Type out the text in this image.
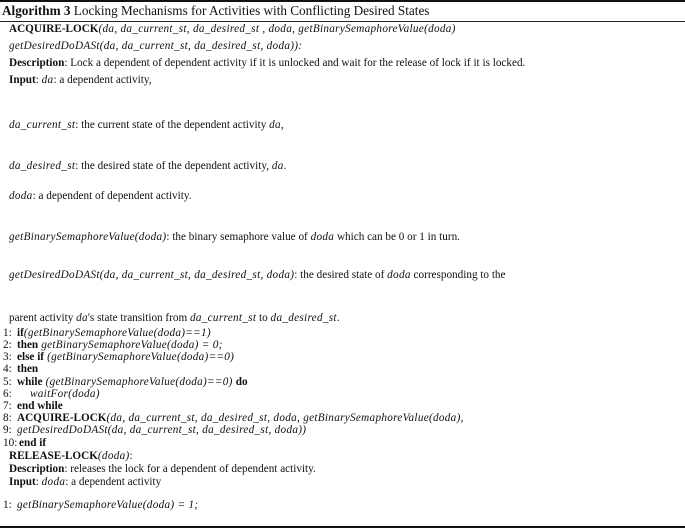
Algorithm 3 Locking Mechanisms for Activities with Conflicting Desired States
ACQUIRE-LOCK(da, da_current_st, da_desired_st , doda, getBinarySemaphoreValue(doda)
getDesiredDoDASt(da, da_current_st, da_desired_st, doda)):
Description: Lock a dependent of dependent activity if it is unlocked and wait for the release of lock if it is locked.
Input: da: a dependent activity,
da_current_st: the current state of the dependent activity da,
da_desired_st: the desired state of the dependent activity, da.
doda: a dependent of dependent activity.
getBinarySemaphoreValue(doda): the binary semaphore value of doda which can be 0 or 1 in turn.
getDesiredDoDASt(da, da_current_st, da_desired_st, doda): the desired state of doda corresponding to the
parent activity da's state transition from da_current_st to da_desired_st.
1: if(getBinarySemaphoreValue(doda)==1)
2: then getBinarySemaphoreValue(doda) = 0;
3: else if (getBinarySemaphoreValue(doda)==0)
4: then
5: while (getBinarySemaphoreValue(doda)==0) do
6: waitFor(doda)
7: end while
8: ACQUIRE-LOCK(da, da_current_st, da_desired_st, doda, getBinarySemaphoreValue(doda),
9: getDesiredDoDASt(da, da_current_st, da_desired_st, doda))
10: end if
RELEASE-LOCK(doda):
Description: releases the lock for a dependent of dependent activity.
Input: doda: a dependent activity
1: getBinarySemaphoreValue(doda) = 1;
